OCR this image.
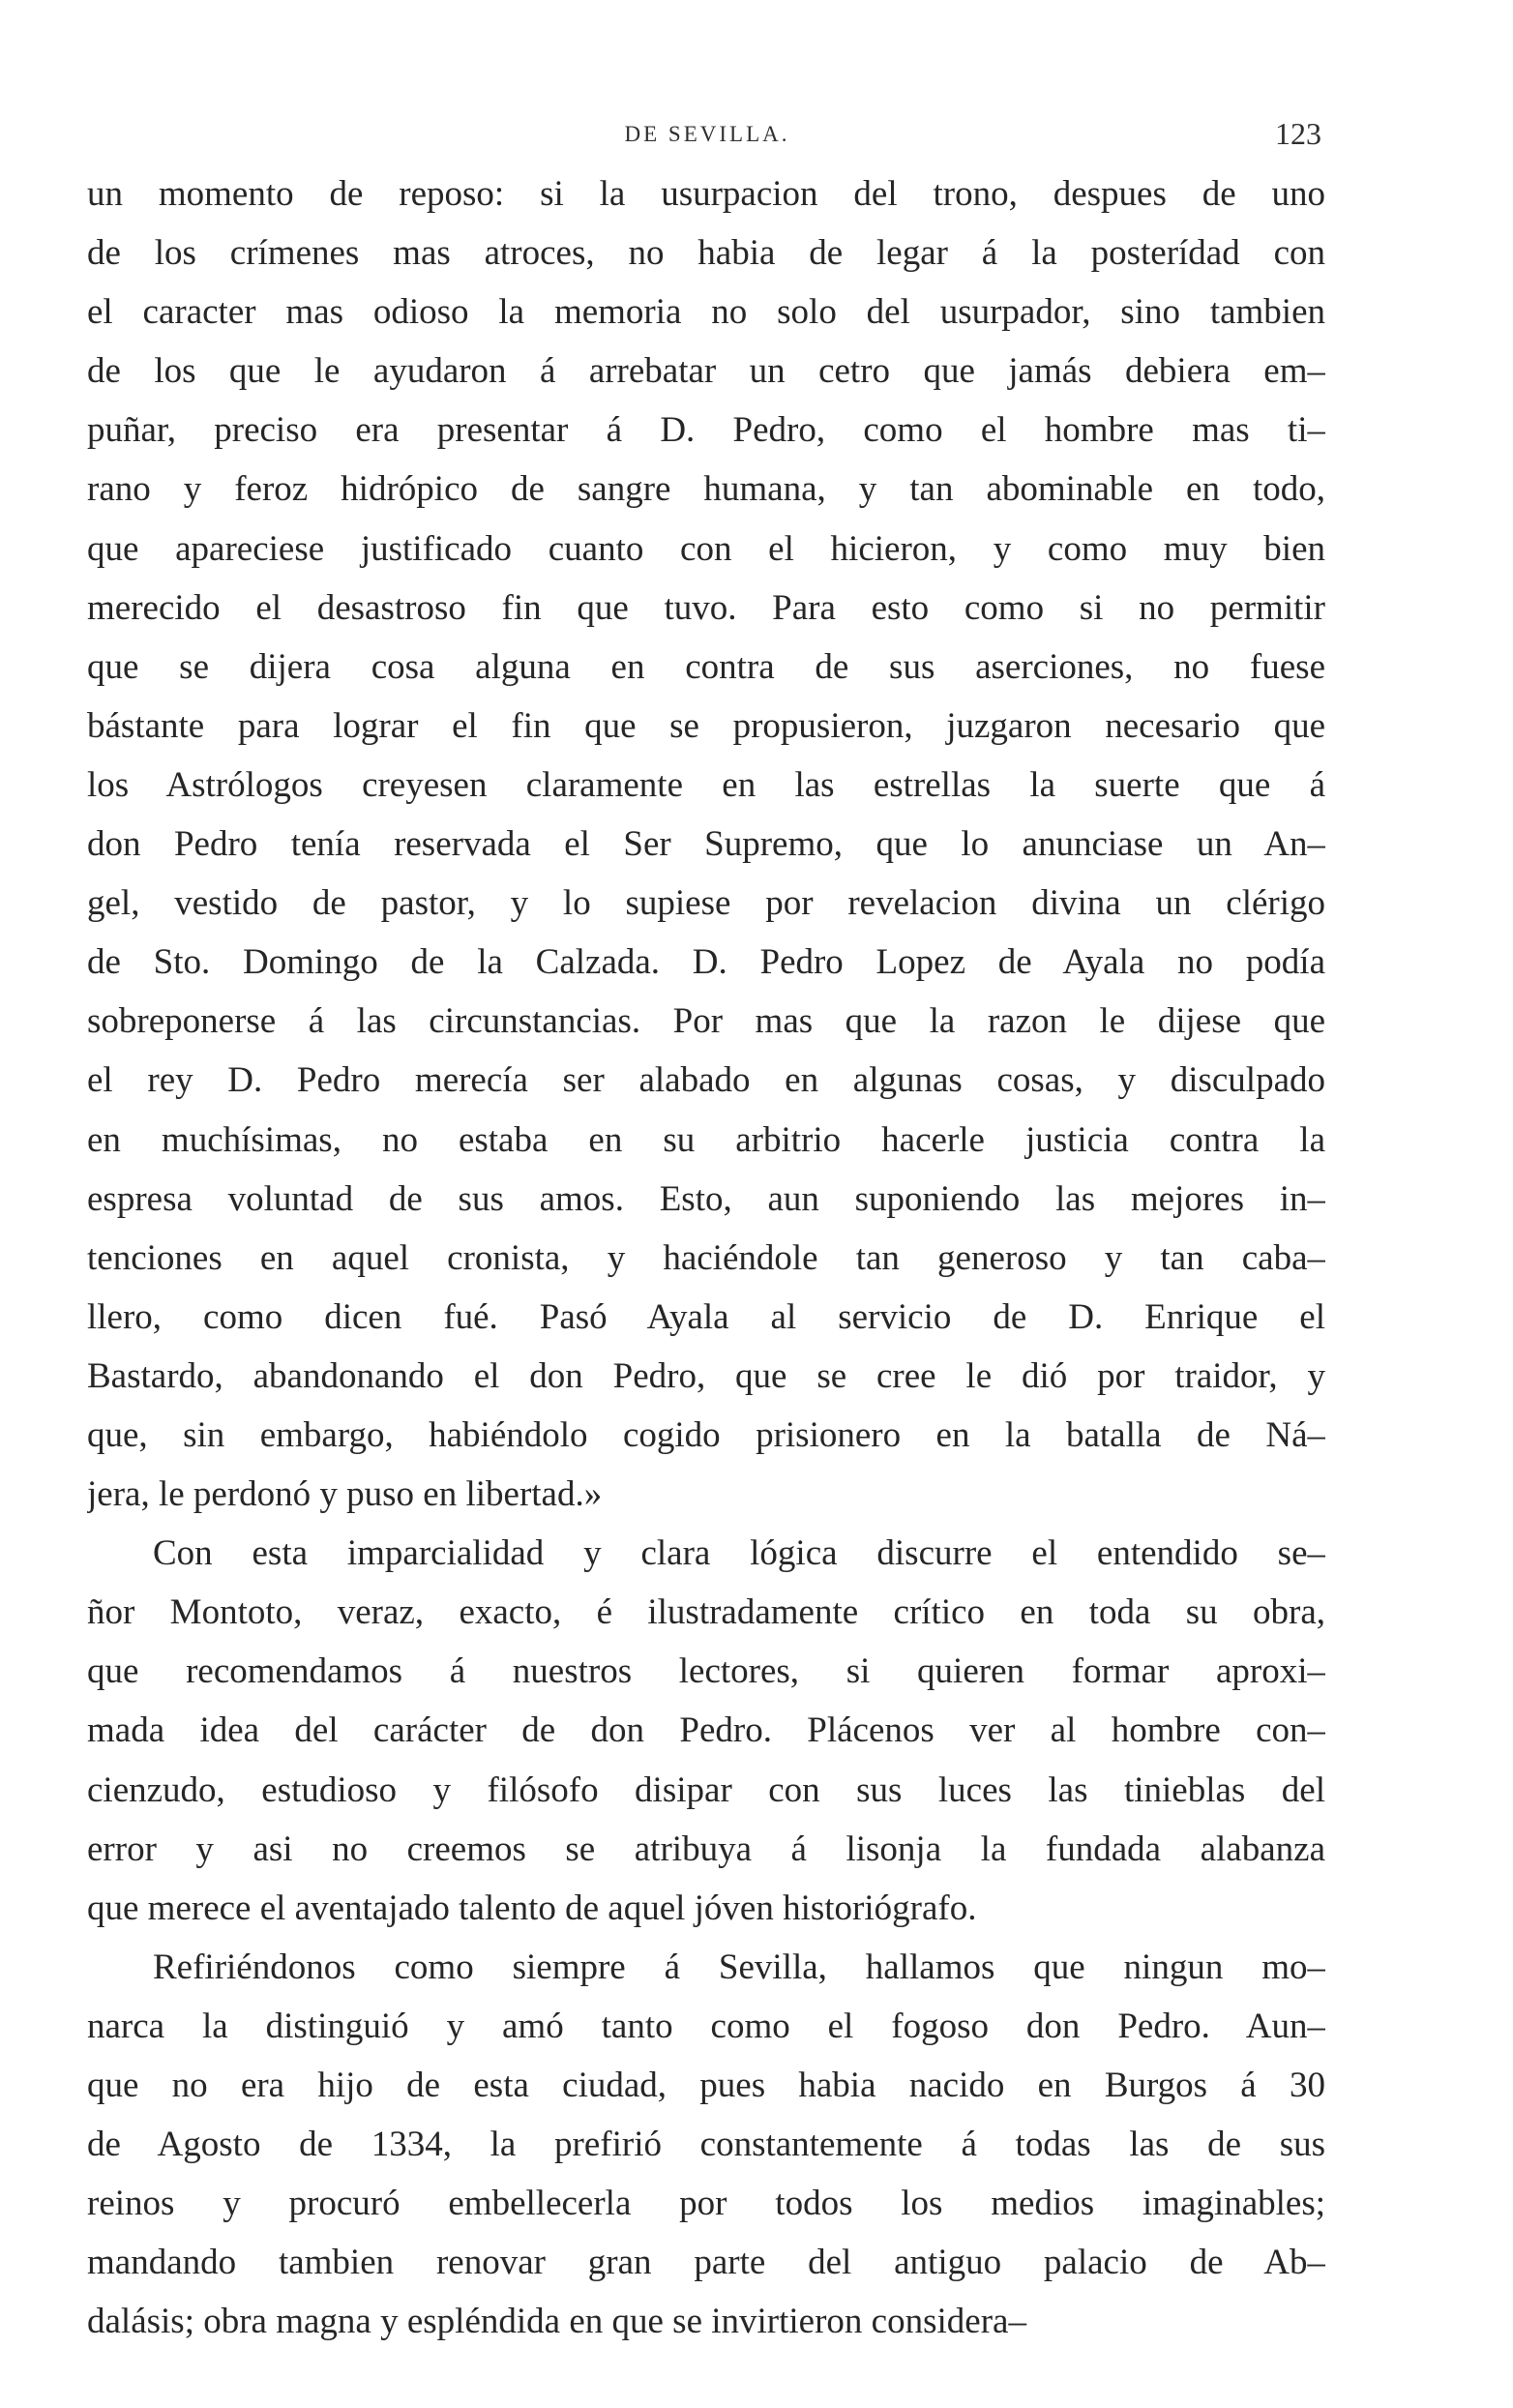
DE SEVILLA.	123
un momento de reposo: si la usurpacion del trono, despues de uno
de los crímenes mas atroces, no habia de legar á la posterídad con
el caracter mas odioso la memoria no solo del usurpador, sino tambien
de los que le ayudaron á arrebatar un cetro que jamás debiera em–
puñar, preciso era presentar á D. Pedro, como el hombre mas ti–
rano y feroz hidrópico de sangre humana, y tan abominable en todo,
que apareciese justificado cuanto con el hicieron, y como muy bien
merecido el desastroso fin que tuvo. Para esto como si no permitir
que se dijera cosa alguna en contra de sus aserciones, no fuese
bástante para lograr el fin que se propusieron, juzgaron necesario que
los Astrólogos creyesen claramente en las estrellas la suerte que á
don Pedro tenía reservada el Ser Supremo, que lo anunciase un An–
gel, vestido de pastor, y lo supiese por revelacion divina un clérigo
de Sto. Domingo de la Calzada. D. Pedro Lopez de Ayala no podía
sobreponerse á las circunstancias. Por mas que la razon le dijese que
el rey D. Pedro merecía ser alabado en algunas cosas, y disculpado
en muchísimas, no estaba en su arbitrio hacerle justicia contra la
espresa voluntad de sus amos. Esto, aun suponiendo las mejores in–
tenciones en aquel cronista, y haciéndole tan generoso y tan caba–
llero, como dicen fué. Pasó Ayala al servicio de D. Enrique el
Bastardo, abandonando el don Pedro, que se cree le dió por traidor, y
que, sin embargo, habiéndolo cogido prisionero en la batalla de Ná–
jera, le perdonó y puso en libertad.»
Con esta imparcialidad y clara lógica discurre el entendido se–
ñor Montoto, veraz, exacto, é ilustradamente crítico en toda su obra,
que recomendamos á nuestros lectores, si quieren formar aproxi–
mada idea del carácter de don Pedro. Plácenos ver al hombre con–
cienzudo, estudioso y filósofo disipar con sus luces las tinieblas del
error y asi no creemos se atribuya á lisonja la fundada alabanza
que merece el aventajado talento de aquel jóven historiógrafo.
Refiriéndonos como siempre á Sevilla, hallamos que ningun mo–
narca la distinguió y amó tanto como el fogoso don Pedro. Aun–
que no era hijo de esta ciudad, pues habia nacido en Burgos á 30
de Agosto de 1334, la prefirió constantemente á todas las de sus
reinos y procuró embellecerla por todos los medios imaginables;
mandando tambien renovar gran parte del antiguo palacio de Ab–
dalásis; obra magna y espléndida en que se invirtieron considera–
